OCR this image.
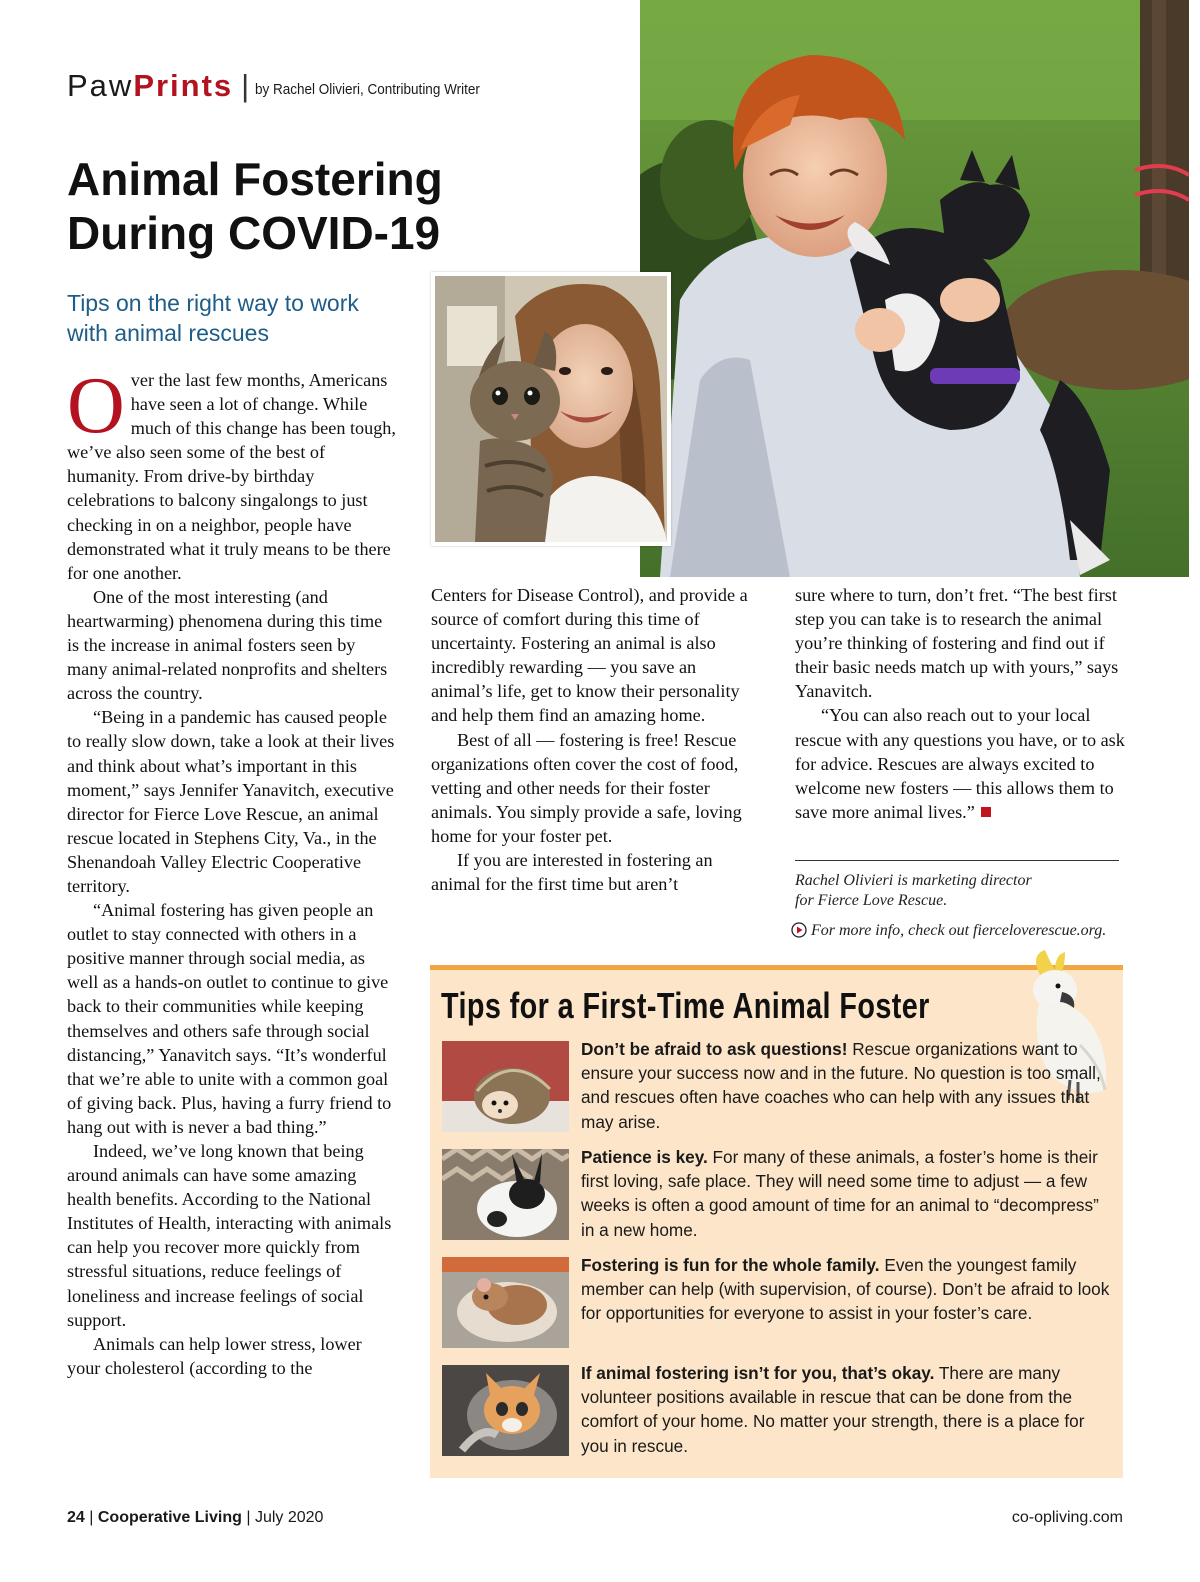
PawPrints | by Rachel Olivieri, Contributing Writer
Animal Fostering
During COVID-19
Tips on the right way to work
with animal rescues
O ver the last few months, Americans have seen a lot of change. While much of this change has been tough, we’ve also seen some of the best of humanity. From drive-by birthday celebrations to balcony singalongs to just checking in on a neighbor, people have demonstrated what it truly means to be there for one another.

One of the most interesting (and heartwarming) phenomena during this time is the increase in animal fosters seen by many animal-related nonprofits and shelters across the country.

“Being in a pandemic has caused people to really slow down, take a look at their lives and think about what’s important in this moment,” says Jennifer Yanavitch, executive director for Fierce Love Rescue, an animal rescue located in Stephens City, Va., in the Shenandoah Valley Electric Cooperative territory.

“Animal fostering has given people an outlet to stay connected with others in a positive manner through social media, as well as a hands-on outlet to continue to give back to their communities while keeping themselves and others safe through social distancing,” Yanavitch says. “It’s wonderful that we’re able to unite with a common goal of giving back. Plus, having a furry friend to hang out with is never a bad thing.”

Indeed, we’ve long known that being around animals can have some amazing health benefits. According to the National Institutes of Health, interacting with animals can help you recover more quickly from stressful situations, reduce feelings of loneliness and increase feelings of social support.

Animals can help lower stress, lower your cholesterol (according to the

Centers for Disease Control), and provide a source of comfort during this time of uncertainty. Fostering an animal is also incredibly rewarding — you save an animal’s life, get to know their personality and help them find an amazing home.

Best of all — fostering is free! Rescue organizations often cover the cost of food, vetting and other needs for their foster animals. You simply provide a safe, loving home for your foster pet.

If you are interested in fostering an animal for the first time but aren’t

sure where to turn, don’t fret. “The best first step you can take is to research the animal you’re thinking of fostering and find out if their basic needs match up with yours,” says Yanavitch.

“You can also reach out to your local rescue with any questions you have, or to ask for advice. Rescues are always excited to welcome new fosters — this allows them to save more animal lives.”

Rachel Olivieri is marketing director
for Fierce Love Rescue.
For more info, check out fierceloverescue.org.
Tips for a First-Time Animal Foster
Don’t be afraid to ask questions! Rescue organizations want to ensure your success now and in the future. No question is too small, and rescues often have coaches who can help with any issues that may arise.
Patience is key. For many of these animals, a foster’s home is their first loving, safe place. They will need some time to adjust — a few weeks is often a good amount of time for an animal to “decompress” in a new home.
Fostering is fun for the whole family. Even the youngest family member can help (with supervision, of course). Don’t be afraid to look for opportunities for everyone to assist in your foster’s care.
If animal fostering isn’t for you, that’s okay. There are many volunteer positions available in rescue that can be done from the comfort of your home. No matter your strength, there is a place for you in rescue.
24 | Cooperative Living | July 2020	co-opliving.com
